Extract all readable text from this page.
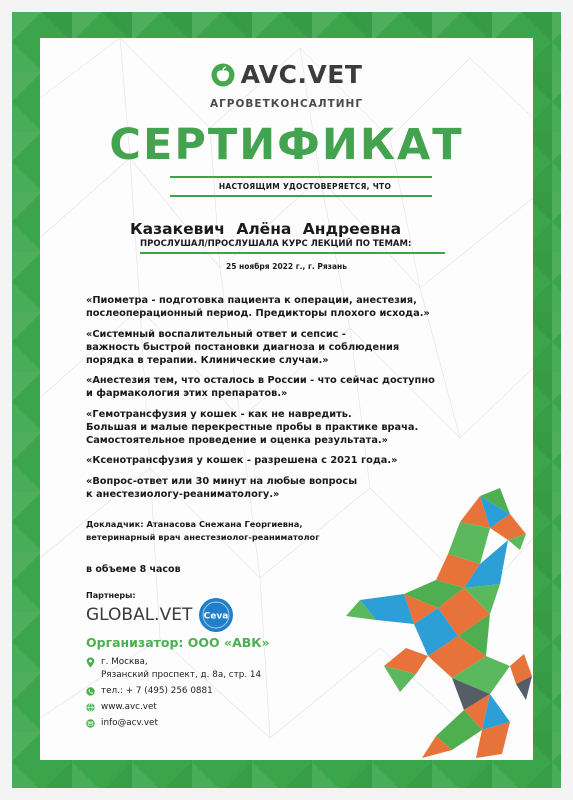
AVC.VET
АГРОВЕТКОНСАЛТИНГ
СЕРТИФИКАТ
НАСТОЯЩИМ УДОСТОВЕРЯЕТСЯ, ЧТО
Казакевич Алёна Андреевна
ПРОСЛУШАЛ/ПРОСЛУШАЛА КУРС ЛЕКЦИЙ ПО ТЕМАМ:
25 ноября 2022 г., г. Рязань
«Пиометра - подготовка пациента к операции, анестезия,
послеоперационный период. Предикторы плохого исхода.»
«Системный воспалительный ответ и сепсис -
важность быстрой постановки диагноза и соблюдения
порядка в терапии. Клинические случаи.»
«Анестезия тем, что осталось в России - что сейчас доступно
и фармакология этих препаратов.»
«Гемотрансфузия у кошек - как не навредить.
Большая и малые перекрестные пробы в практике врача.
Самостоятельное проведение и оценка результата.»
«Ксенотрансфузия у кошек - разрешена с 2021 года.»
«Вопрос-ответ или 30 минут на любые вопросы
к анестезиологу-реаниматологу.»
Докладчик: Атанасова Снежана Георгиевна,
ветеринарный врач анестезиолог-реаниматолог
в объеме 8 часов
Партнеры:
GLOBAL.VET Ceva
Организатор: ООО «АВК»
г. Москва,
Рязанский проспект, д. 8а, стр. 14
тел.: + 7 (495) 256 0881
www.avc.vet
info@acv.vet
